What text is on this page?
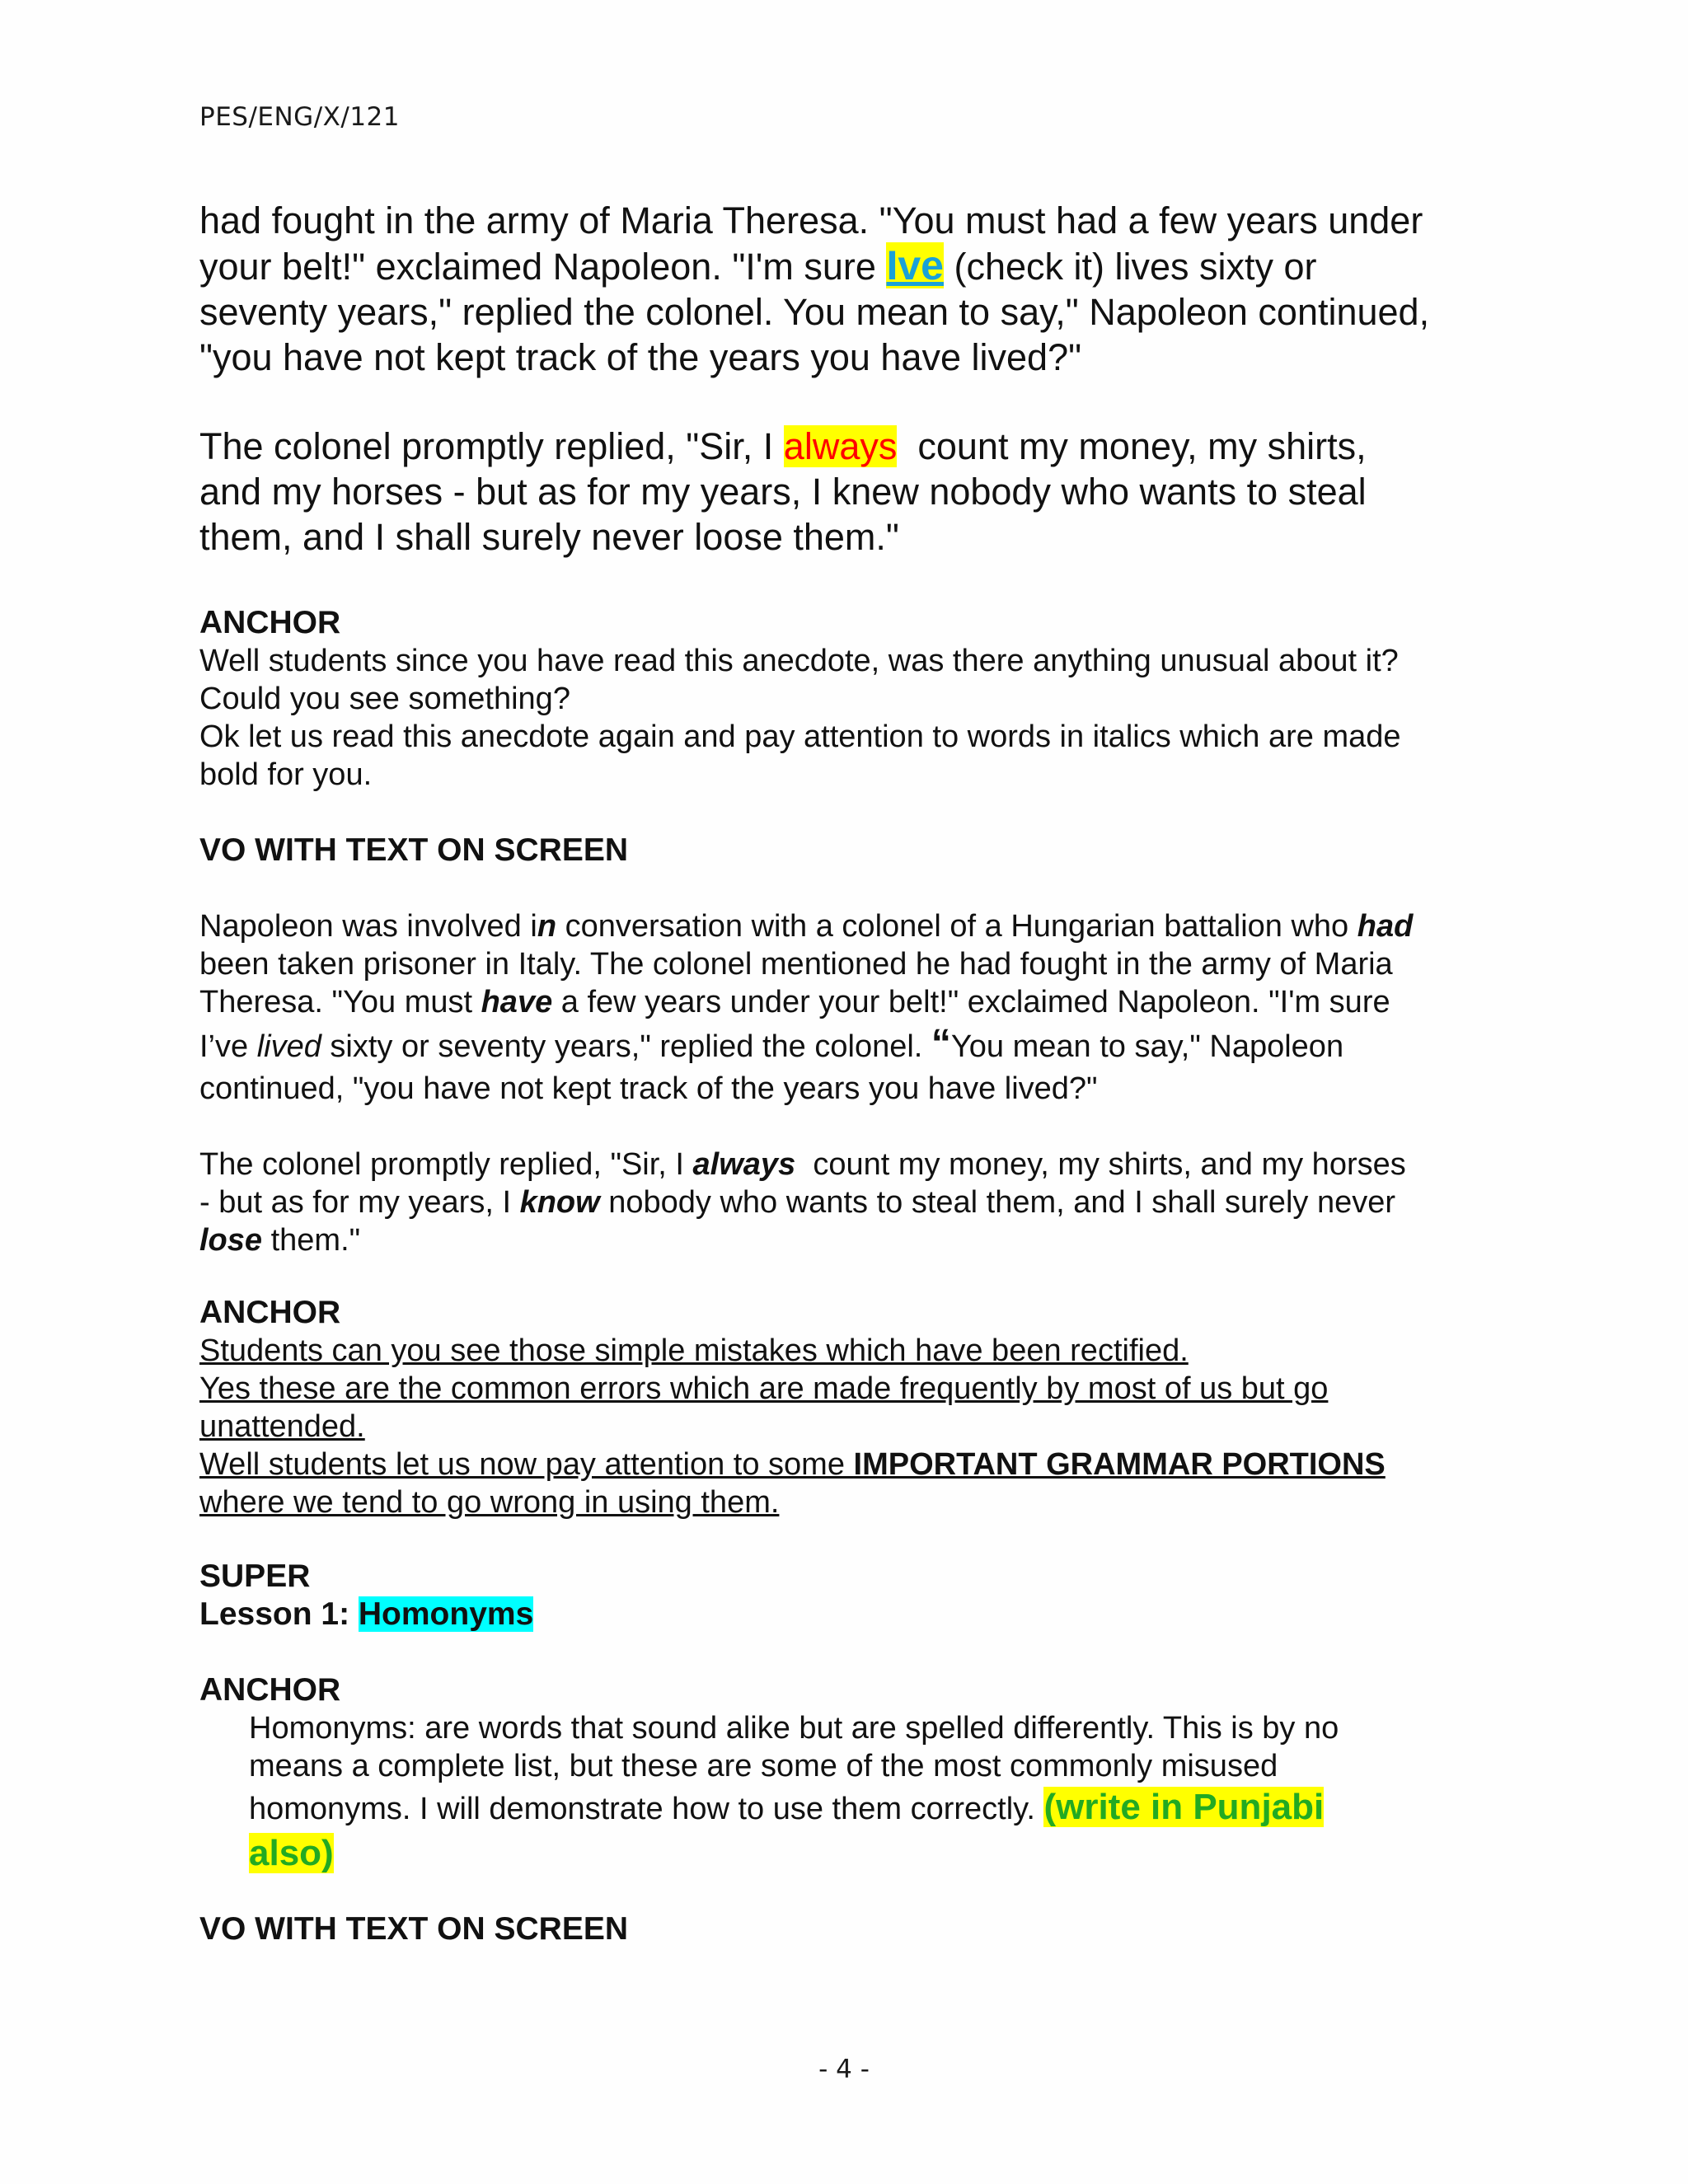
PES/ENG/X/121

had fought in the army of Maria Theresa. "You must had a few years under

your belt!" exclaimed Napoleon. "I'm sure Ive (check it) lives sixty or

seventy years," replied the colonel. You mean to say," Napoleon continued,

"you have not kept track of the years you have lived?"

The colonel promptly replied, "Sir, I always  count my money, my shirts,

and my horses - but as for my years, I knew nobody who wants to steal

them, and I shall surely never loose them."

ANCHOR

Well students since you have read this anecdote, was there anything unusual about it?

Could you see something?

Ok let us read this anecdote again and pay attention to words in italics which are made

bold for you.

VO WITH TEXT ON SCREEN

Napoleon was involved in conversation with a colonel of a Hungarian battalion who had

been taken prisoner in Italy. The colonel mentioned he had fought in the army of Maria

Theresa. "You must have a few years under your belt!" exclaimed Napoleon. "I'm sure

I’ve lived sixty or seventy years," replied the colonel. “You mean to say," Napoleon

continued, "you have not kept track of the years you have lived?"

The colonel promptly replied, "Sir, I always  count my money, my shirts, and my horses

- but as for my years, I know nobody who wants to steal them, and I shall surely never

lose them."

ANCHOR

Students can you see those simple mistakes which have been rectified.

Yes these are the common errors which are made frequently by most of us but go

unattended.

Well students let us now pay attention to some IMPORTANT GRAMMAR PORTIONS

where we tend to go wrong in using them.

SUPER
Lesson 1: Homonyms
ANCHOR

Homonyms: are words that sound alike but are spelled differently. This is by no

means a complete list, but these are some of the most commonly misused

homonyms. I will demonstrate how to use them correctly. (write in Punjabi

also)

VO WITH TEXT ON SCREEN
- 4 -
